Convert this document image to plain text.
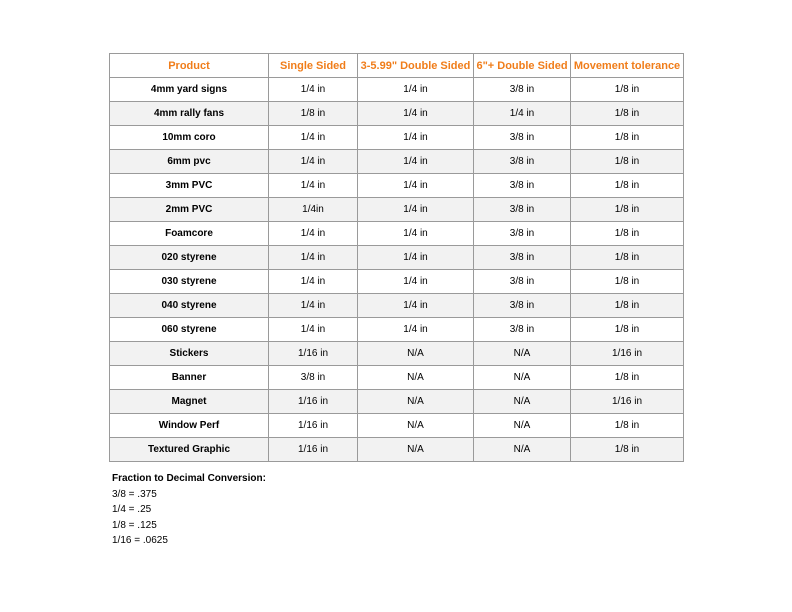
Product	Single Sided	3-5.99" Double Sided	6"+ Double Sided	Movement tolerance
4mm yard signs	1/4 in	1/4 in	3/8 in	1/8 in
4mm rally fans	1/8 in	1/4 in	1/4 in	1/8 in
10mm coro	1/4 in	1/4 in	3/8 in	1/8 in
6mm pvc	1/4 in	1/4 in	3/8 in	1/8 in
3mm PVC	1/4 in	1/4 in	3/8 in	1/8 in
2mm PVC	1/4in	1/4 in	3/8 in	1/8 in
Foamcore	1/4 in	1/4 in	3/8 in	1/8 in
020 styrene	1/4 in	1/4 in	3/8 in	1/8 in
030 styrene	1/4 in	1/4 in	3/8 in	1/8 in
040 styrene	1/4 in	1/4 in	3/8 in	1/8 in
060 styrene	1/4 in	1/4 in	3/8 in	1/8 in
Stickers	1/16 in	N/A	N/A	1/16 in
Banner	3/8 in	N/A	N/A	1/8 in
Magnet	1/16 in	N/A	N/A	1/16 in
Window Perf	1/16 in	N/A	N/A	1/8 in
Textured Graphic	1/16 in	N/A	N/A	1/8 in
Fraction to Decimal Conversion:
3/8 = .375
1/4 = .25
1/8 = .125
1/16 = .0625
